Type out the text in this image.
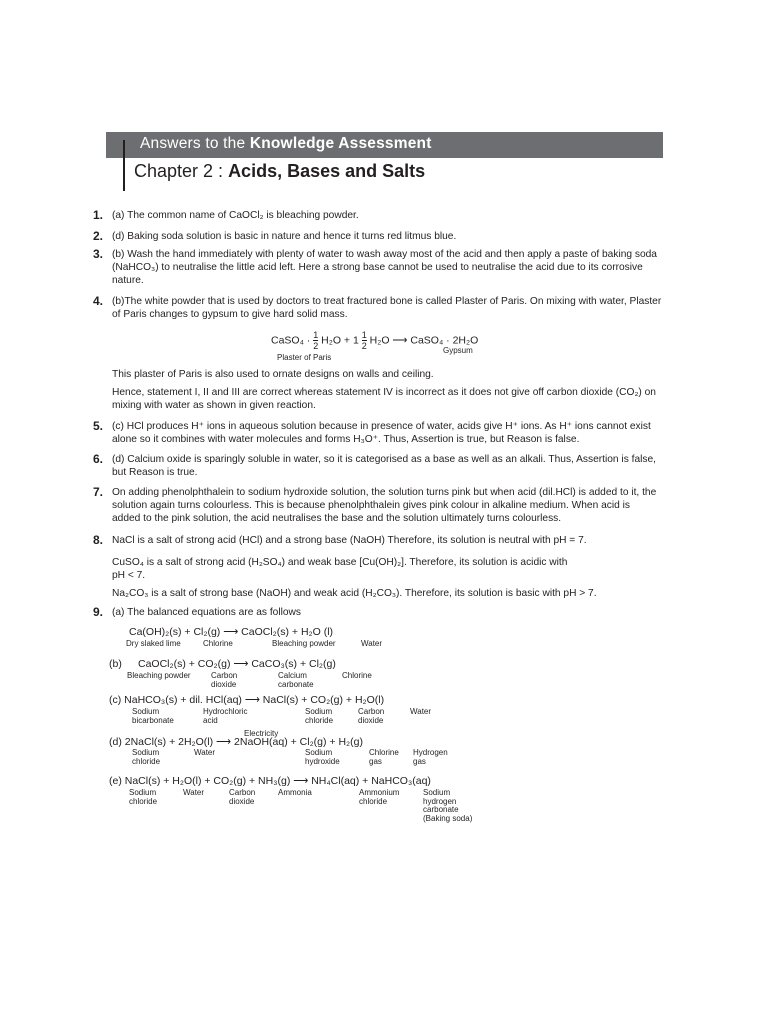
Answers to the Knowledge Assessment
Chapter 2 : Acids, Bases and Salts
1. (a) The common name of CaOCl₂ is bleaching powder.
2. (d) Baking soda solution is basic in nature and hence it turns red litmus blue.
3. (b) Wash the hand immediately with plenty of water to wash away most of the acid and then apply a paste of baking soda
(NaHCO₃) to neutralise the little acid left. Here a strong base cannot be used to neutralise the acid due to its corrosive
nature.
4. (b)The white powder that is used by doctors to treat fractured bone is called Plaster of Paris. On mixing with water, Plaster
of Paris changes to gypsum to give hard solid mass.
CaSO₄ · $\frac{1}{2} H_2O + 1 \frac{1}{2} H_2O$ ⟶ CaSO₄ · 2H₂O
Plaster of Paris
Gypsum
This plaster of Paris is also used to ornate designs on walls and ceiling.
Hence, statement I, II and III are correct whereas statement IV is incorrect as it does not give off carbon dioxide (CO₂) on
mixing with water as shown in given reaction.
5. (c) HCl produces H⁺ ions in aqueous solution because in presence of water, acids give H⁺ ions. As H⁺ ions cannot exist
alone so it combines with water molecules and forms H₃O⁺. Thus, Assertion is true, but Reason is false.
6. (d) Calcium oxide is sparingly soluble in water, so it is categorised as a base as well as an alkali. Thus, Assertion is false,
but Reason is true.
7. On adding phenolphthalein to sodium hydroxide solution, the solution turns pink but when acid (dil.HCl) is added to it, the
solution again turns colourless. This is because phenolphthalein gives pink colour in alkaline medium. When acid is
added to the pink solution, the acid neutralises the base and the solution ultimately turns colourless.
8. NaCl is a salt of strong acid (HCl) and a strong base (NaOH) Therefore, its solution is neutral with pH = 7.
CuSO₄ is a salt of strong acid (H₂SO₄) and weak base [Cu(OH)₂]. Therefore, its solution is acidic with
pH < 7.
Na₂CO₃ is a salt of strong base (NaOH) and weak acid (H₂CO₃). Therefore, its solution is basic with pH > 7.
9. (a) The balanced equations are as follows
Ca(OH)₂(s) + Cl₂(g) ⟶ CaOCl₂(s) + H₂O (l)
Dry slaked lime	Chlorine	Bleaching powder	Water
(b) CaOCl₂(s) + CO₂(g) ⟶ CaCO₃(s) + Cl₂(g)
Bleaching powder	Carbon
dioxide
Calcium
carbonate
Chlorine
(c) NaHCO₃(s) + dil. HCl(aq) ⟶ NaCl(s) + CO₂(g) + H₂O(l)
Sodium
bicarbonate
Hydrochloric
acid
Sodium
chloride
Carbon
dioxide
Water
Electricity
(d) 2NaCl(s) + 2H₂O(l) ⟶ 2NaOH(aq) + Cl₂(g) + H₂(g)
Sodium
chloride
Water	Sodium
hydroxide
Chlorine
gas
Hydrogen
gas
(e) NaCl(s) + H₂O(l) + CO₂(g) + NH₃(g) ⟶ NH₄Cl(aq) + NaHCO₃(aq)
Sodium
chloride
Water	Carbon
dioxide
Ammonia	Ammonium
chloride
Sodium
hydrogen
carbonate
(Baking soda)
